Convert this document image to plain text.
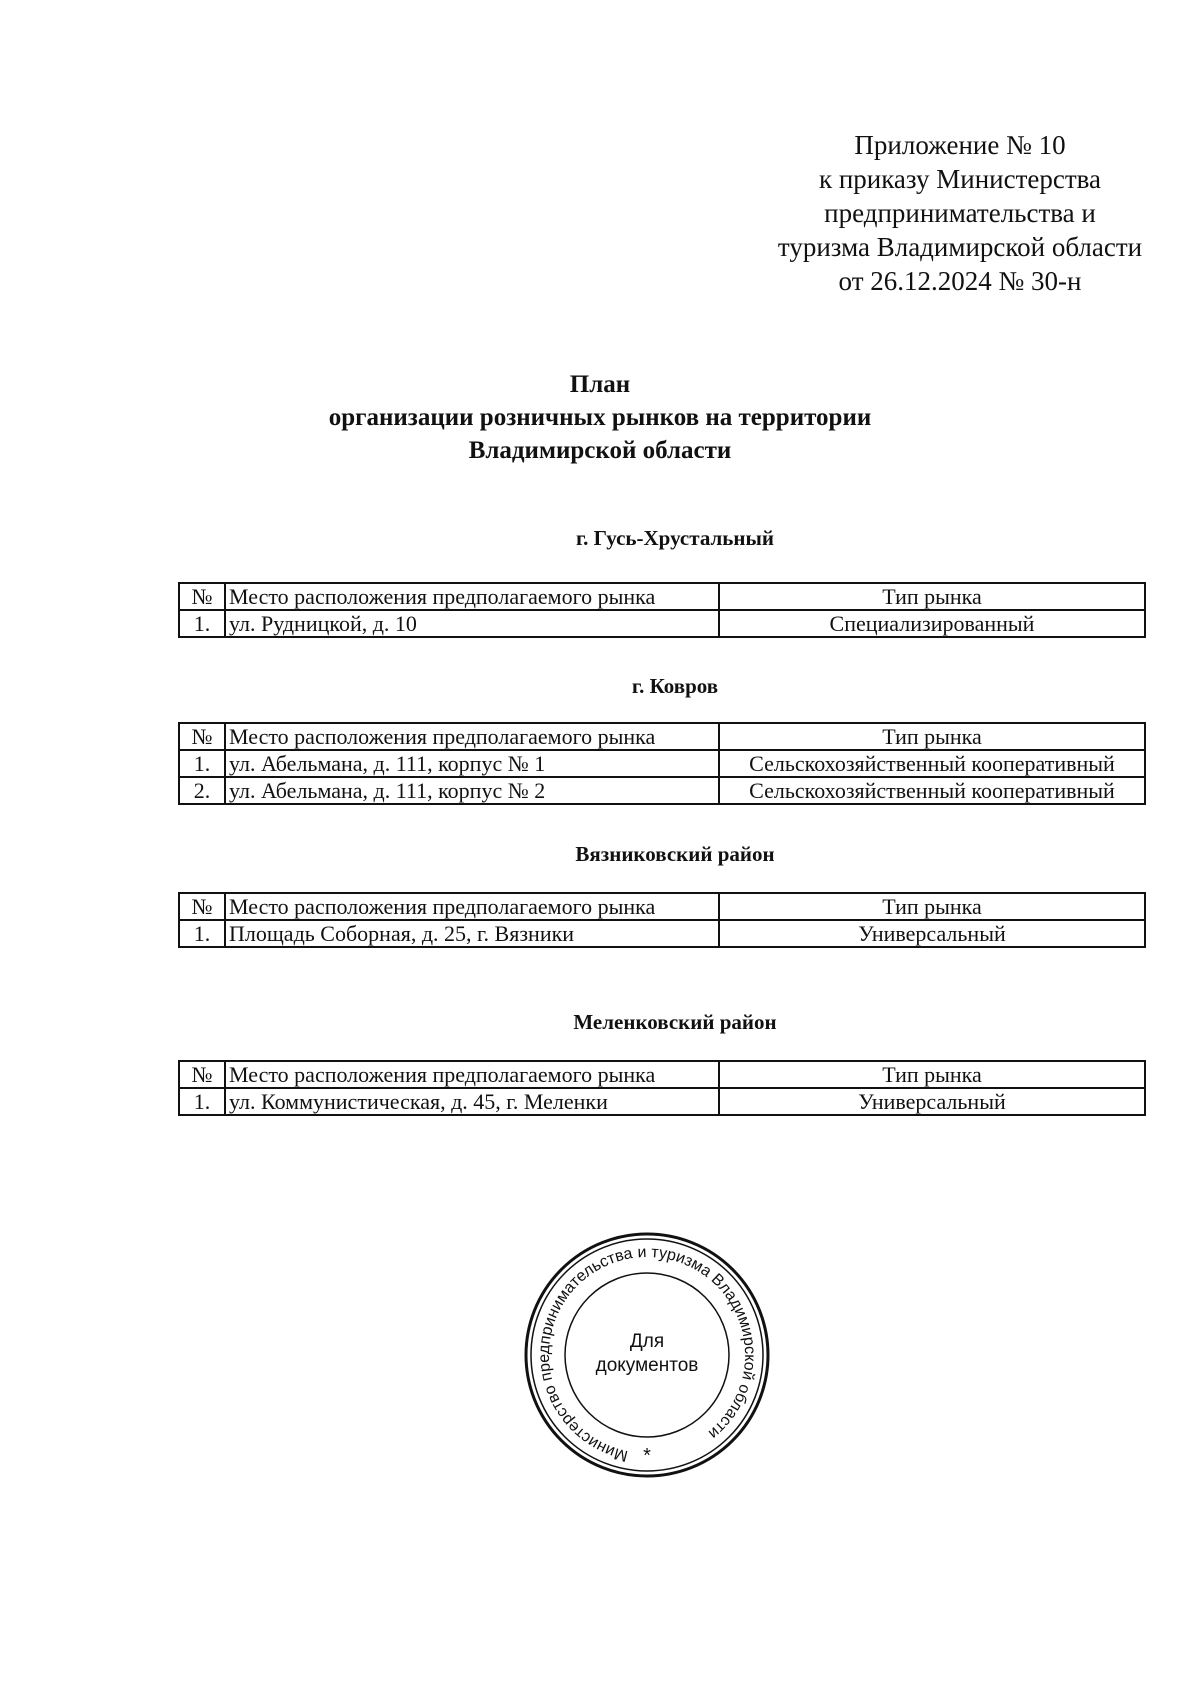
Приложение № 10
к приказу Министерства
предпринимательства и
туризма Владимирской области
от 26.12.2024 № 30-н
План
организации розничных рынков на территории
Владимирской области
г. Гусь-Хрустальный
№	Место расположения предполагаемого рынка	Тип рынка
1.	ул. Рудницкой, д. 10	Специализированный
г. Ковров
№	Место расположения предполагаемого рынка	Тип рынка
1.	ул. Абельмана, д. 111, корпус № 1	Сельскохозяйственный кооперативный
2.	ул. Абельмана, д. 111, корпус № 2	Сельскохозяйственный кооперативный
Вязниковский район
№	Место расположения предполагаемого рынка	Тип рынка
1.	Площадь Соборная, д. 25, г. Вязники	Универсальный
Меленковский район
№	Место расположения предполагаемого рынка	Тип рынка
1.	ул. Коммунистическая, д. 45, г. Меленки	Универсальный
Министерство предпринимательства и туризма Владимирской области
*
Для
документов
